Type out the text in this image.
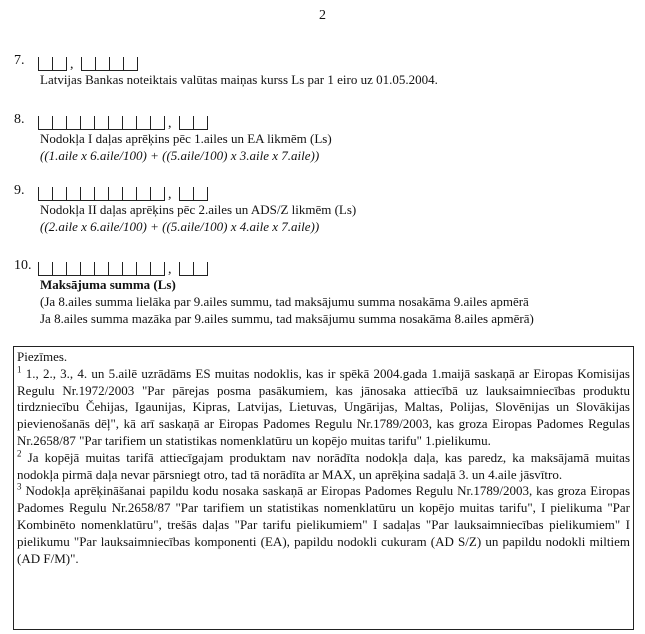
2
7.	,
Latvijas Bankas noteiktais valūtas maiņas kurss Ls par 1 eiro uz 01.05.2004.
8.	,
Nodokļa I daļas aprēķins pēc 1.ailes un EA likmēm (Ls)
((1.aile x 6.aile/100) + ((5.aile/100) x 3.aile x 7.aile))
9.	,
Nodokļa II daļas aprēķins pēc 2.ailes un ADS/Z likmēm (Ls)
((2.aile x 6.aile/100) + ((5.aile/100) x 4.aile x 7.aile))
10.	,
Maksājuma summa (Ls)
(Ja 8.ailes summa lielāka par 9.ailes summu, tad maksājumu summa nosakāma 9.ailes apmērā
Ja 8.ailes summa mazāka par 9.ailes summu, tad maksājumu summa nosakāma 8.ailes apmērā)

Piezīmes.

$^1$ 1., 2., 3., 4. un 5.ailē uzrādāms ES muitas nodoklis, kas ir spēkā 2004.gada 1.maijā saskaņā ar Eiropas Komisijas Regulu Nr.1972/2003 "Par pārejas posma pasākumiem, kas jānosaka attiecībā uz lauksaimniecības produktu tirdzniecību Čehijas, Igaunijas, Kipras, Latvijas, Lietuvas, Ungārijas, Maltas, Polijas, Slovēnijas un Slovākijas pievienošanās dēļ", kā arī saskaņā ar Eiropas Padomes Regulu Nr.1789/2003, kas groza Eiropas Padomes Regulas Nr.2658/87 "Par tarifiem un statistikas nomenklatūru un kopējo muitas tarifu" 1.pielikumu.

$^2$ Ja kopējā muitas tarifā attiecīgajam produktam nav norādīta nodokļa daļa, kas paredz, ka maksājamā muitas nodokļa pirmā daļa nevar pārsniegt otro, tad tā norādīta ar MAX, un aprēķina sadaļā 3. un 4.aile jāsvītro.

$^3$ Nodokļa aprēķināšanai papildu kodu nosaka saskaņā ar Eiropas Padomes Regulu Nr.1789/2003, kas groza Eiropas Padomes Regulu Nr.2658/87 "Par tarifiem un statistikas nomenklatūru un kopējo muitas tarifu", I pielikuma "Par Kombinēto nomenklatūru", trešās daļas "Par tarifu pielikumiem" I sadaļas "Par lauksaimniecības pielikumiem" I pielikumu "Par lauksaimniecības komponenti (EA), papildu nodokli cukuram (AD S/Z) un papildu nodokli miltiem (AD F/M)".
